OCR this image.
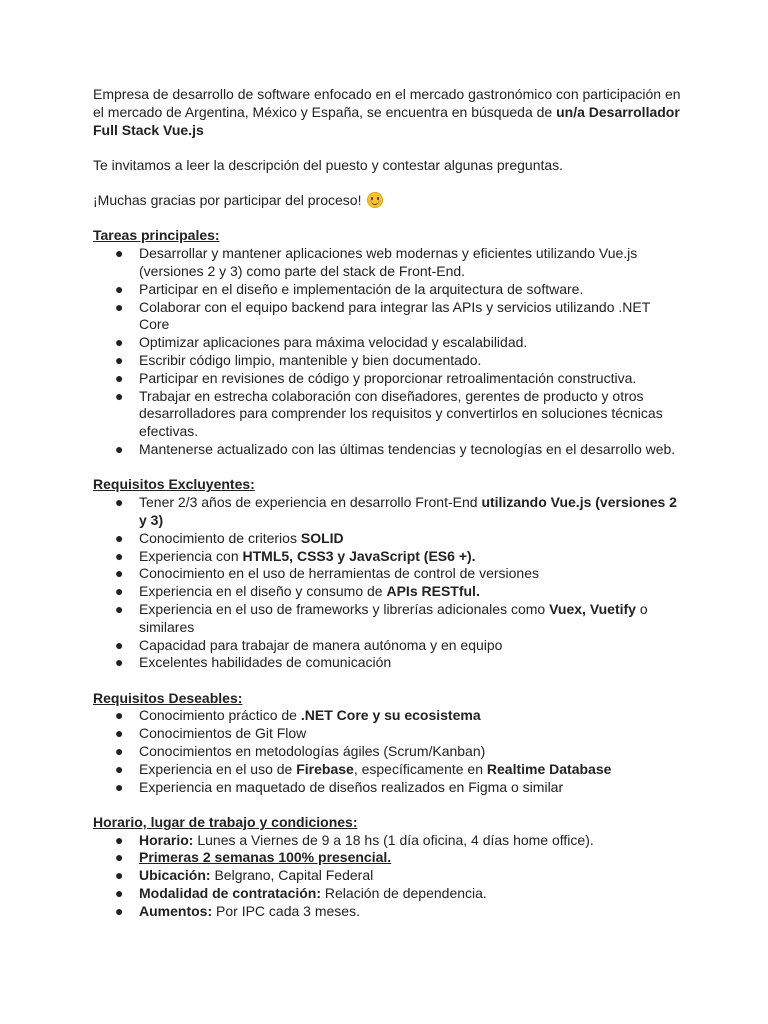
Empresa de desarrollo de software enfocado en el mercado gastronómico con participación en el mercado de Argentina, México y España, se encuentra en búsqueda de un/a Desarrollador Full Stack Vue.js

Te invitamos a leer la descripción del puesto y contestar algunas preguntas.

¡Muchas gracias por participar del proceso!

Tareas principales:

● Desarrollar y mantener aplicaciones web modernas y eficientes utilizando Vue.js (versiones 2 y 3) como parte del stack de Front-End.
● Participar en el diseño e implementación de la arquitectura de software.
● Colaborar con el equipo backend para integrar las APIs y servicios utilizando .NET Core
● Optimizar aplicaciones para máxima velocidad y escalabilidad.
● Escribir código limpio, mantenible y bien documentado.
● Participar en revisiones de código y proporcionar retroalimentación constructiva.
● Trabajar en estrecha colaboración con diseñadores, gerentes de producto y otros desarrolladores para comprender los requisitos y convertirlos en soluciones técnicas efectivas.
● Mantenerse actualizado con las últimas tendencias y tecnologías en el desarrollo web.

Requisitos Excluyentes:

● Tener 2/3 años de experiencia en desarrollo Front-End utilizando Vue.js (versiones 2 y 3)
● Conocimiento de criterios SOLID
● Experiencia con HTML5, CSS3 y JavaScript (ES6 +).
● Conocimiento en el uso de herramientas de control de versiones
● Experiencia en el diseño y consumo de APIs RESTful.
● Experiencia en el uso de frameworks y librerías adicionales como Vuex, Vuetify o similares
● Capacidad para trabajar de manera autónoma y en equipo
● Excelentes habilidades de comunicación

Requisitos Deseables:

● Conocimiento práctico de .NET Core y su ecosistema
● Conocimientos de Git Flow
● Conocimientos en metodologías ágiles (Scrum/Kanban)
● Experiencia en el uso de Firebase, específicamente en Realtime Database
● Experiencia en maquetado de diseños realizados en Figma o similar

Horario, lugar de trabajo y condiciones:

● Horario: Lunes a Viernes de 9 a 18 hs (1 día oficina, 4 días home office).
● Primeras 2 semanas 100% presencial.
● Ubicación: Belgrano, Capital Federal
● Modalidad de contratación: Relación de dependencia.
● Aumentos: Por IPC cada 3 meses.
